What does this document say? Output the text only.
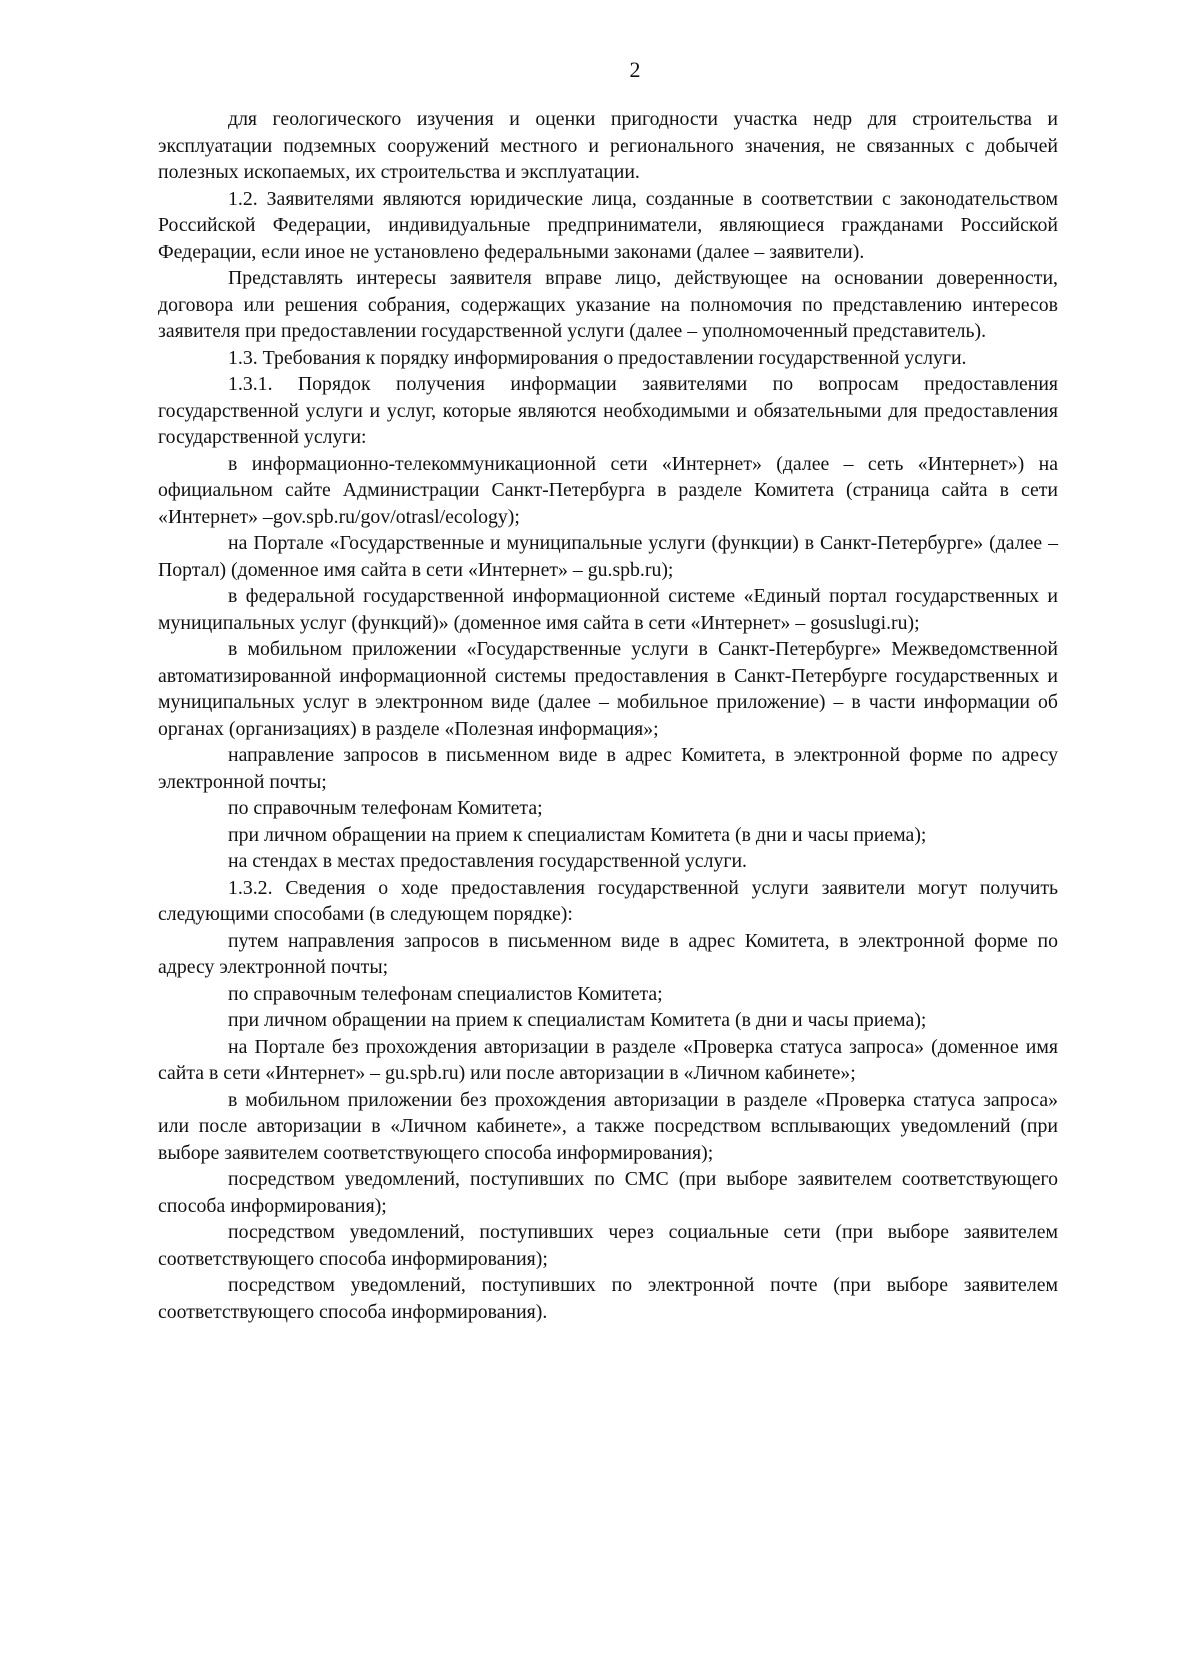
2

для геологического изучения и оценки пригодности участка недр для строительства и эксплуатации подземных сооружений местного и регионального значения, не связанных с добычей полезных ископаемых, их строительства и эксплуатации.

1.2. Заявителями являются юридические лица, созданные в соответствии с законодательством Российской Федерации, индивидуальные предприниматели, являющиеся гражданами Российской Федерации, если иное не установлено федеральными законами (далее – заявители).

Представлять интересы заявителя вправе лицо, действующее на основании доверенности, договора или решения собрания, содержащих указание на полномочия по представлению интересов заявителя при предоставлении государственной услуги (далее – уполномоченный представитель).

1.3. Требования к порядку информирования о предоставлении государственной услуги.

1.3.1. Порядок получения информации заявителями по вопросам предоставления государственной услуги и услуг, которые являются необходимыми и обязательными для предоставления государственной услуги:

в информационно-телекоммуникационной сети «Интернет» (далее – сеть «Интернет») на официальном сайте Администрации Санкт-Петербурга в разделе Комитета (страница сайта в сети «Интернет» –gov.spb.ru/gov/otrasl/ecology);

на Портале «Государственные и муниципальные услуги (функции) в Санкт-Петербурге» (далее – Портал) (доменное имя сайта в сети «Интернет» – gu.spb.ru);

в федеральной государственной информационной системе «Единый портал государственных и муниципальных услуг (функций)» (доменное имя сайта в сети «Интернет» – gosuslugi.ru);

в мобильном приложении «Государственные услуги в Санкт-Петербурге» Межведомственной автоматизированной информационной системы предоставления в Санкт-Петербурге государственных и муниципальных услуг в электронном виде (далее – мобильное приложение) – в части информации об органах (организациях) в разделе «Полезная информация»;

направление запросов в письменном виде в адрес Комитета, в электронной форме по адресу электронной почты;

по справочным телефонам Комитета;

при личном обращении на прием к специалистам Комитета (в дни и часы приема);

на стендах в местах предоставления государственной услуги.

1.3.2. Сведения о ходе предоставления государственной услуги заявители могут получить следующими способами (в следующем порядке):

путем направления запросов в письменном виде в адрес Комитета, в электронной форме по адресу электронной почты;

по справочным телефонам специалистов Комитета;

при личном обращении на прием к специалистам Комитета (в дни и часы приема);

на Портале без прохождения авторизации в разделе «Проверка статуса запроса» (доменное имя сайта в сети «Интернет» – gu.spb.ru) или после авторизации в «Личном кабинете»;

в мобильном приложении без прохождения авторизации в разделе «Проверка статуса запроса» или после авторизации в «Личном кабинете», а также посредством всплывающих уведомлений (при выборе заявителем соответствующего способа информирования);

посредством уведомлений, поступивших по СМС (при выборе заявителем соответствующего способа информирования);

посредством уведомлений, поступивших через социальные сети (при выборе заявителем соответствующего способа информирования);

посредством уведомлений, поступивших по электронной почте (при выборе заявителем соответствующего способа информирования).
